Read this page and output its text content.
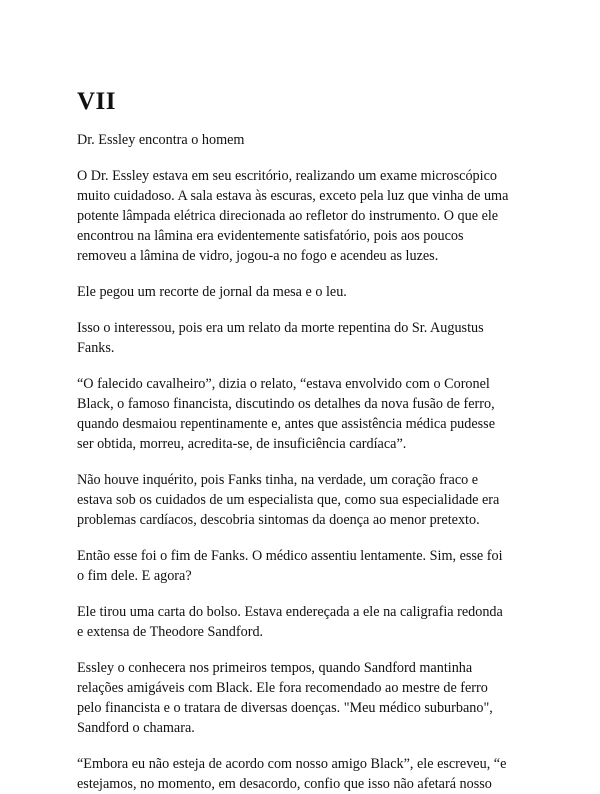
VII

Dr. Essley encontra o homem

O Dr. Essley estava em seu escritório, realizando um exame microscópico
muito cuidadoso. A sala estava às escuras, exceto pela luz que vinha de uma
potente lâmpada elétrica direcionada ao refletor do instrumento. O que ele
encontrou na lâmina era evidentemente satisfatório, pois aos poucos
removeu a lâmina de vidro, jogou-a no fogo e acendeu as luzes.

Ele pegou um recorte de jornal da mesa e o leu.

Isso o interessou, pois era um relato da morte repentina do Sr. Augustus
Fanks.

“O falecido cavalheiro”, dizia o relato, “estava envolvido com o Coronel
Black, o famoso financista, discutindo os detalhes da nova fusão de ferro,
quando desmaiou repentinamente e, antes que assistência médica pudesse
ser obtida, morreu, acredita-se, de insuficiência cardíaca”.

Não houve inquérito, pois Fanks tinha, na verdade, um coração fraco e
estava sob os cuidados de um especialista que, como sua especialidade era
problemas cardíacos, descobria sintomas da doença ao menor pretexto.

Então esse foi o fim de Fanks. O médico assentiu lentamente. Sim, esse foi
o fim dele. E agora?

Ele tirou uma carta do bolso. Estava endereçada a ele na caligrafia redonda
e extensa de Theodore Sandford.

Essley o conhecera nos primeiros tempos, quando Sandford mantinha
relações amigáveis com Black. Ele fora recomendado ao mestre de ferro
pelo financista e o tratara de diversas doenças. "Meu médico suburbano",
Sandford o chamara.

“Embora eu não esteja de acordo com nosso amigo Black”, ele escreveu, “e
estejamos, no momento, em desacordo, confio que isso não afetará nosso
